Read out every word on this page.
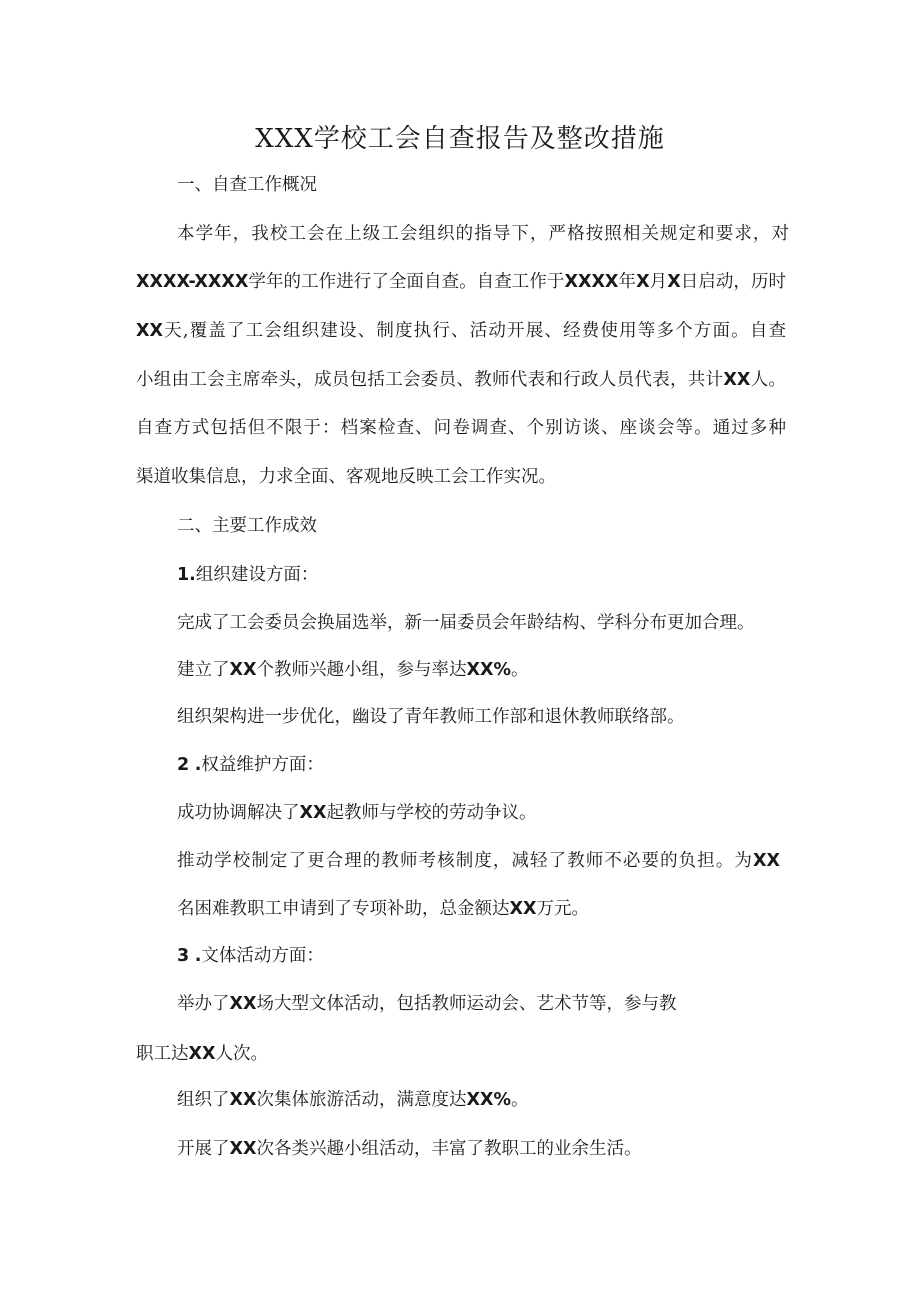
XXX学校工会自查报告及整改措施
一、自查工作概况
本学年，我校工会在上级工会组织的指导下，严格按照相关规定和要求，对
XXXX-XXXX学年的工作进行了全面自查。自查工作于XXXX年X月X日启动，历时
XX天,覆盖了工会组织建设、制度执行、活动开展、经费使用等多个方面。自查
小组由工会主席牵头，成员包括工会委员、教师代表和行政人员代表，共计XX人。
自查方式包括但不限于：档案检查、问卷调查、个别访谈、座谈会等。通过多种
渠道收集信息，力求全面、客观地反映工会工作实况。
二、主要工作成效
1.组织建设方面：
完成了工会委员会换届选举，新一届委员会年龄结构、学科分布更加合理。
建立了XX个教师兴趣小组，参与率达XX%。
组织架构进一步优化，幽设了青年教师工作部和退休教师联络部。
2 .权益维护方面：
成功协调解决了XX起教师与学校的劳动争议。
推动学校制定了更合理的教师考核制度，减轻了教师不必要的负担。为XX
名困难教职工申请到了专项补助，总金额达XX万元。
3 .文体活动方面：
举办了XX场大型文体活动，包括教师运动会、艺术节等，参与教
职工达XX人次。
组织了XX次集体旅游活动，满意度达XX%。
开展了XX次各类兴趣小组活动，丰富了教职工的业余生活。
